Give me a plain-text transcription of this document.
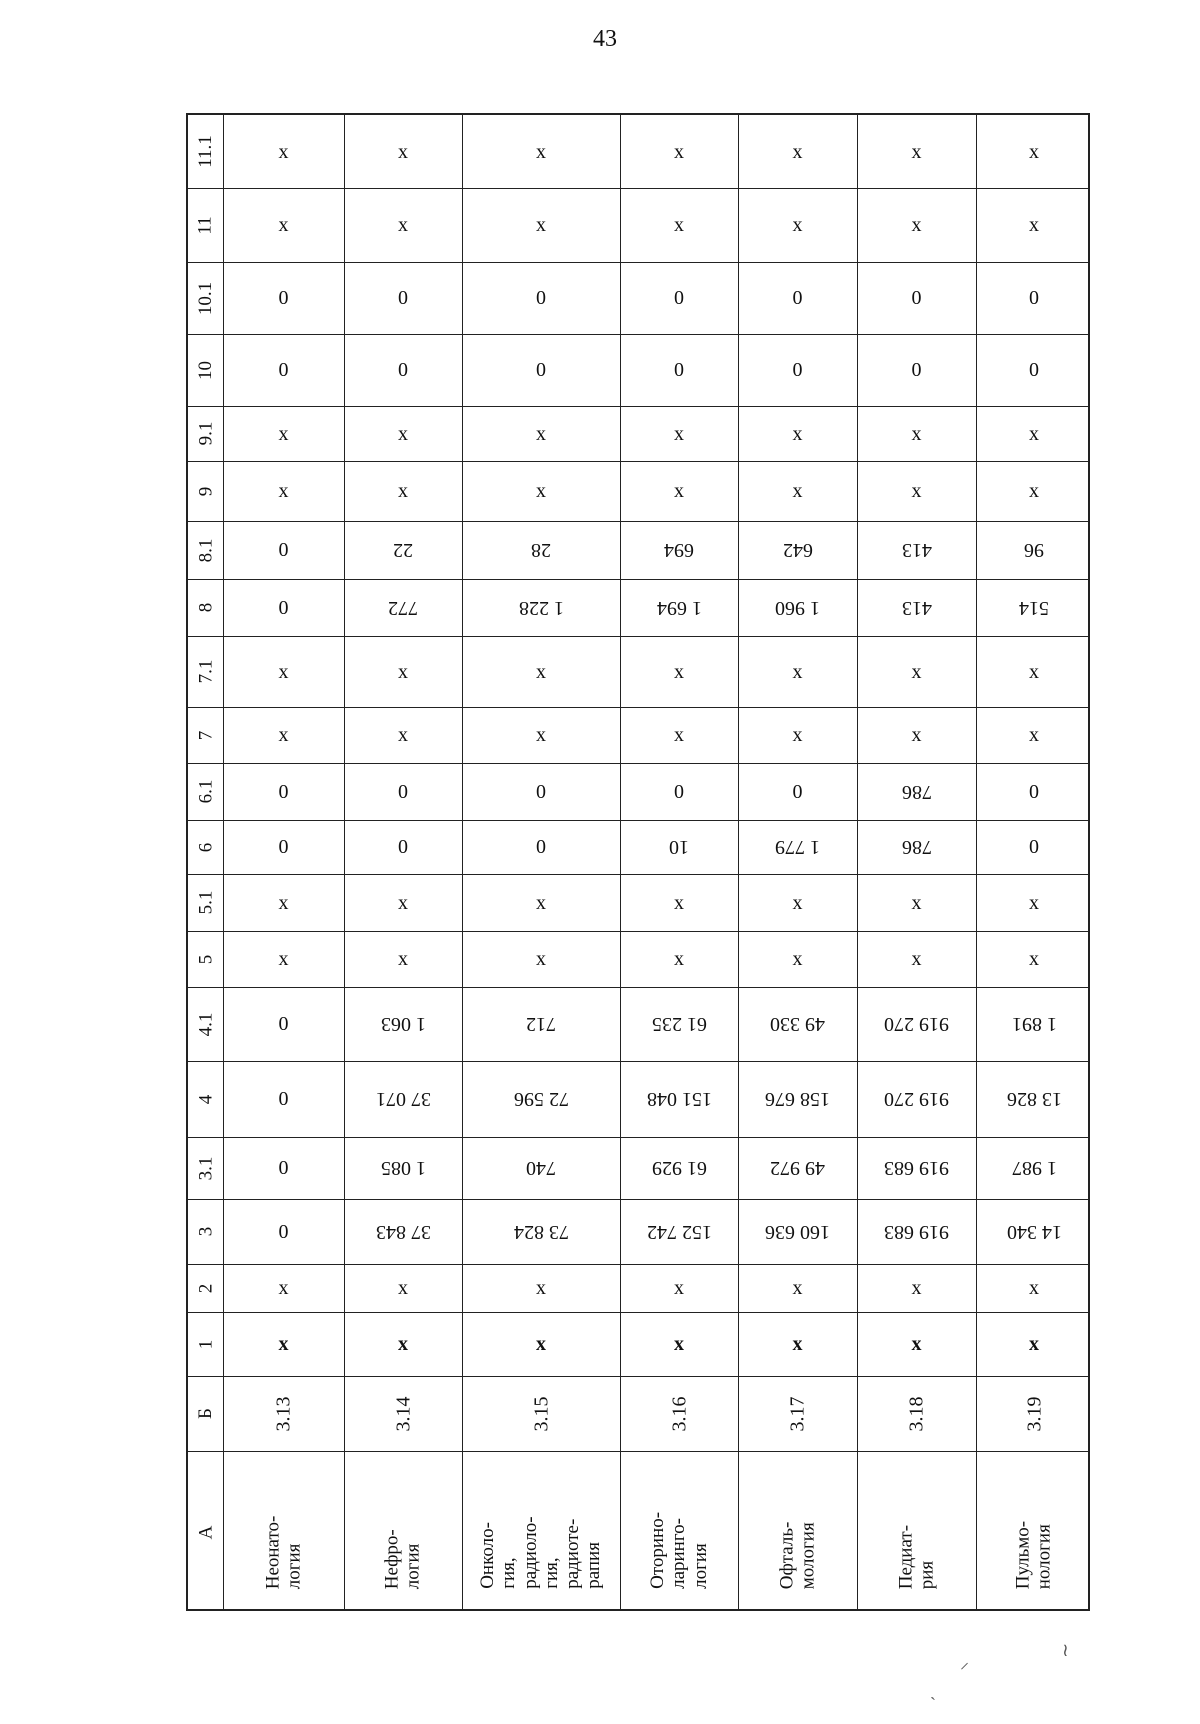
43
А
Б
1
2
3
3.1
4
4.1
5
5.1
6
6.1
7
7.1
8
8.1
9
9.1
10
10.1
11
11.1
Неонато- логия
3.13
x
x
0
0
0
0
x
x
0
0
x
x
0
0
x
x
0
0
x
x
Нефро- логия
3.14
x
x
37 843
1 085
37 071
1 063
x
x
0
0
x
x
772
22
x
x
0
0
x
x
Онколо- гия, радиоло- гия, радиоте- рапия
3.15
x
x
73 824
740
72 596
712
x
x
0
0
x
x
1 228
28
x
x
0
0
x
x
Оторино- ларинго- логия
3.16
x
x
152 742
61 929
151 048
61 235
x
x
10
0
x
x
1 694
694
x
x
0
0
x
x
Офталь- мология
3.17
x
x
160 636
49 972
158 676
49 330
x
x
1 779
0
x
x
1 960
642
x
x
0
0
x
x
Педиат- рия
3.18
x
x
919 683
919 683
919 270
919 270
x
x
786
786
x
x
413
413
x
x
0
0
x
x
Пульмо- нология
3.19
x
x
14 340
1 987
13 826
1 891
x
x
0
0
x
x
514
96
x
x
0
0
x
x
≀
⸝
ˎ
